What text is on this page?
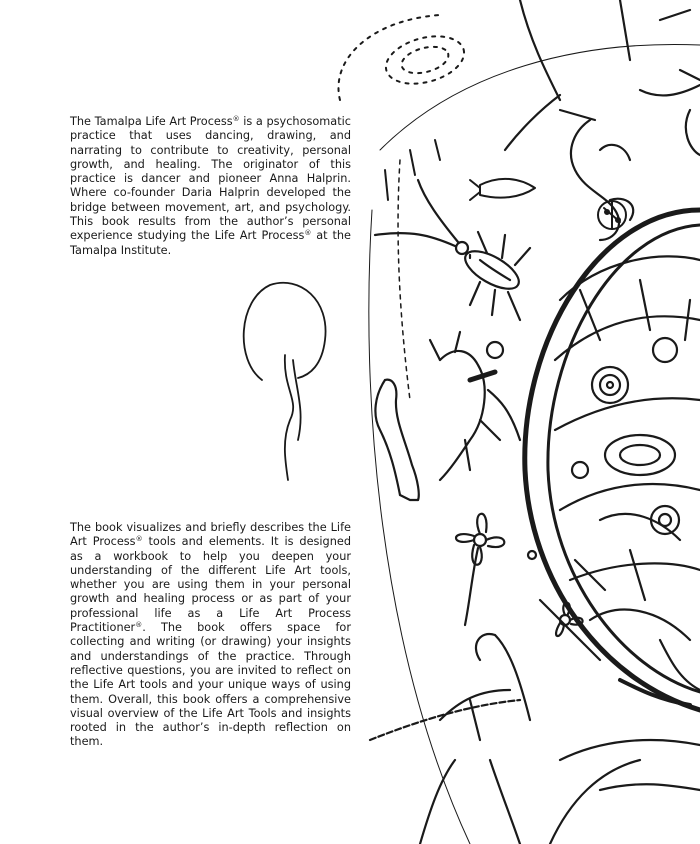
The Tamalpa Life Art Process® is a psychosomatic practice that uses dancing, drawing, and narrating to contribute to creativity, personal growth, and healing. The originator of this practice is dancer and pioneer Anna Halprin. Where co-founder Daria Halprin developed the bridge between movement, art, and psychology. This book results from the author’s personal experience studying the Life Art Process® at the Tamalpa Institute.

The book visualizes and briefly describes the Life Art Process® tools and elements. It is designed as a workbook to help you deepen your understanding of the different Life Art tools, whether you are using them in your personal growth and healing process or as part of your professional life as a Life Art Process Practitioner®. The book offers space for collecting and writing (or drawing) your insights and understandings of the practice. Through reflective questions, you are invited to reflect on the Life Art tools and your unique ways of using them. Overall, this book offers a comprehensive visual overview of the Life Art Tools and insights rooted in the author’s in-depth reflection on them.
